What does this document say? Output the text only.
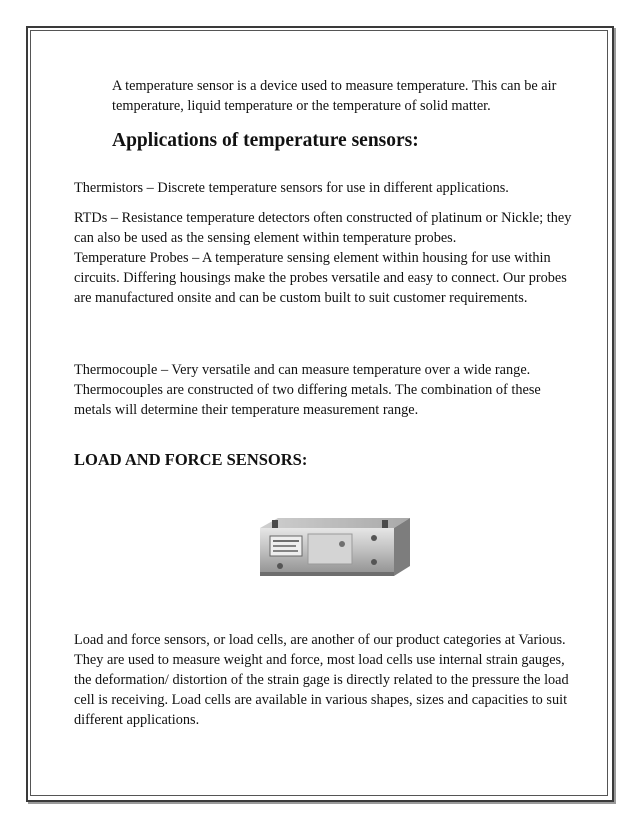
A temperature sensor is a device used to measure temperature. This can be air temperature, liquid temperature or the temperature of solid matter.

Applications of temperature sensors:

Thermistors – Discrete temperature sensors for use in different applications.

RTDs – Resistance temperature detectors often constructed of platinum or Nickle; they can also be used as the sensing element within temperature probes.

Temperature Probes – A temperature sensing element within housing for use within circuits. Differing housings make the probes versatile and easy to connect. Our probes are manufactured onsite and can be custom built to suit customer requirements.

Thermocouple – Very versatile and can measure temperature over a wide range. Thermocouples are constructed of two differing metals. The combination of these metals will determine their temperature measurement range.

LOAD AND FORCE SENSORS:

Load and force sensors, or load cells, are another of our product categories at Various. They are used to measure weight and force, most load cells use internal strain gauges, the deformation/ distortion of the strain gage is directly related to the pressure the load cell is receiving. Load cells are available in various shapes, sizes and capacities to suit different applications.
